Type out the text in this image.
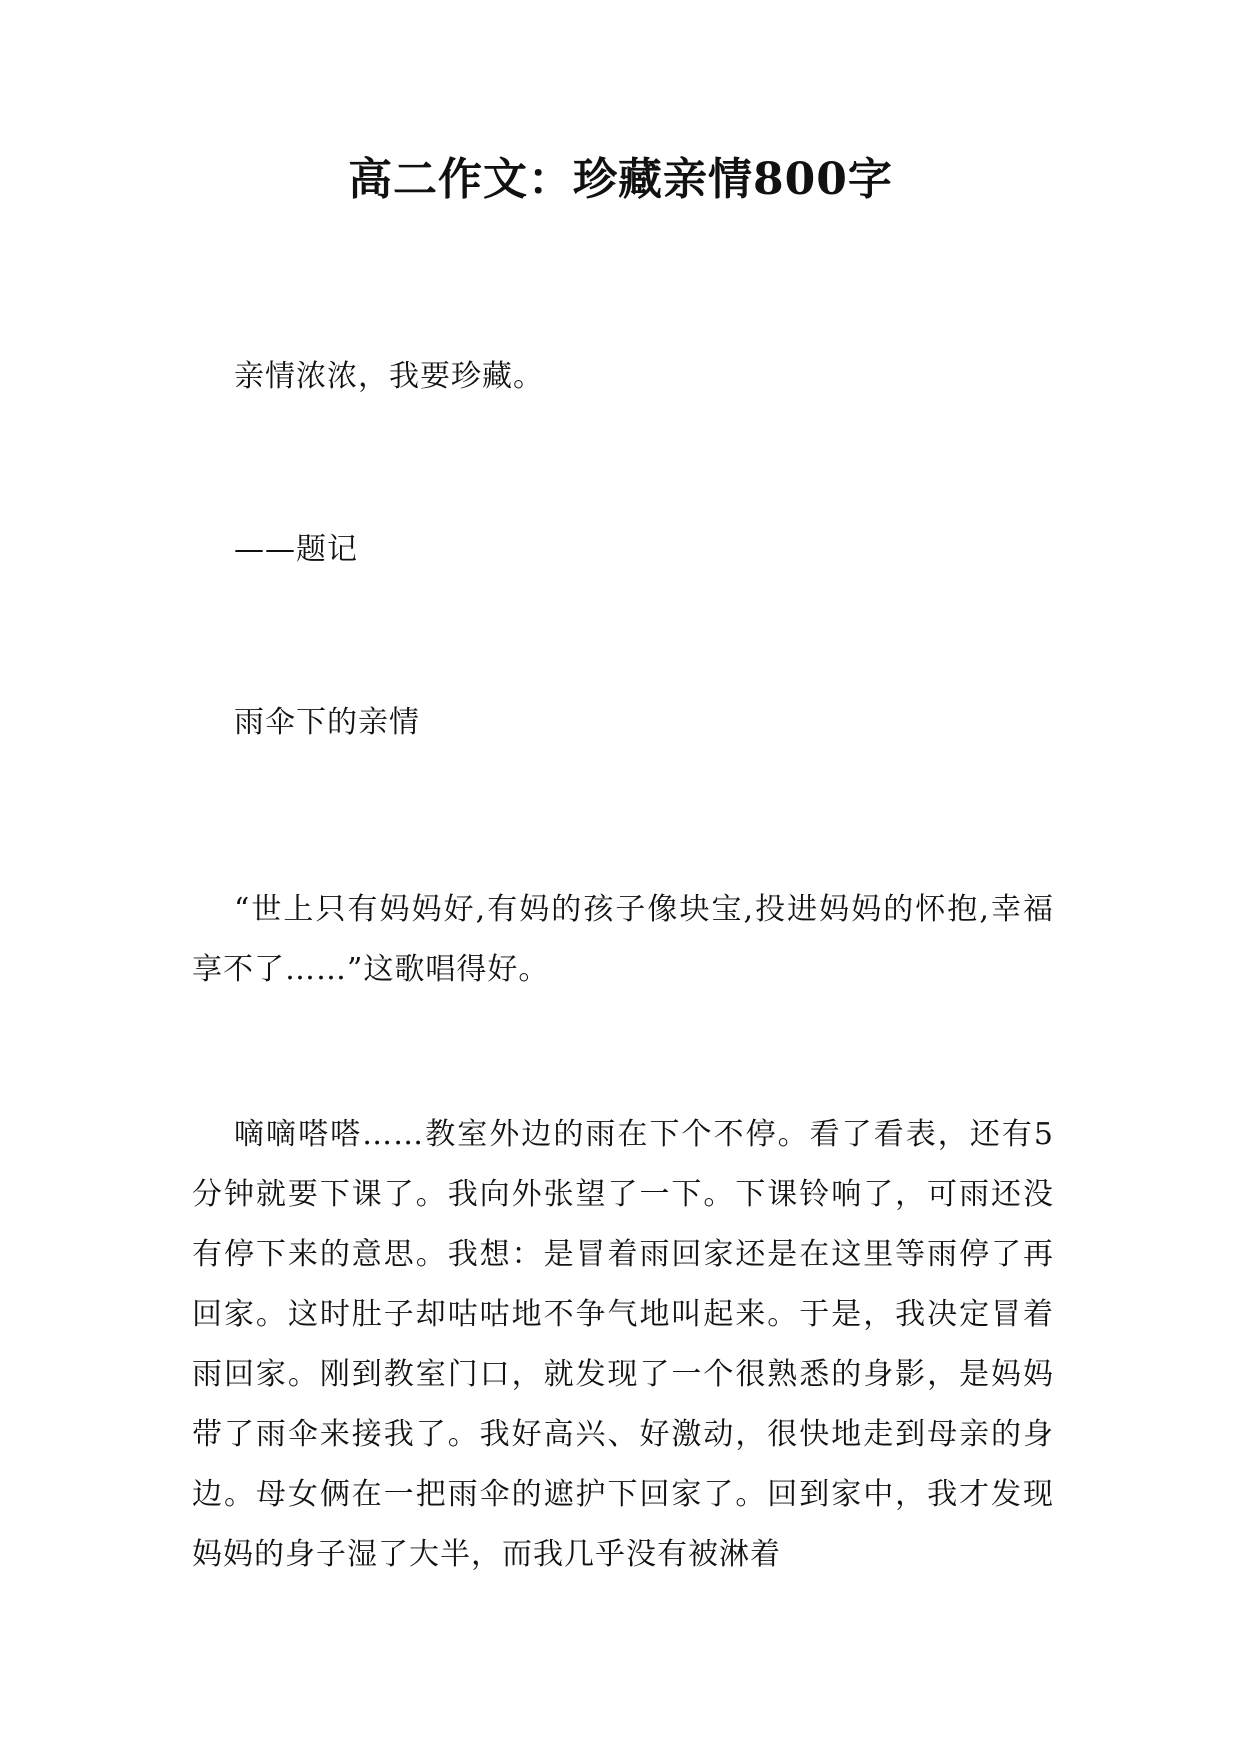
高二作文：珍藏亲情800字

亲情浓浓，我要珍藏。

——题记

雨伞下的亲情

“世上只有妈妈好,有妈的孩子像块宝,投进妈妈的怀抱,幸福享不了……”这歌唱得好。

嘀嘀嗒嗒……教室外边的雨在下个不停。看了看表，还有5分钟就要下课了。我向外张望了一下。下课铃响了，可雨还没有停下来的意思。我想：是冒着雨回家还是在这里等雨停了再回家。这时肚子却咕咕地不争气地叫起来。于是，我决定冒着雨回家。刚到教室门口，就发现了一个很熟悉的身影，是妈妈带了雨伞来接我了。我好高兴、好激动，很快地走到母亲的身边。母女俩在一把雨伞的遮护下回家了。回到家中，我才发现妈妈的身子湿了大半，而我几乎没有被淋着
